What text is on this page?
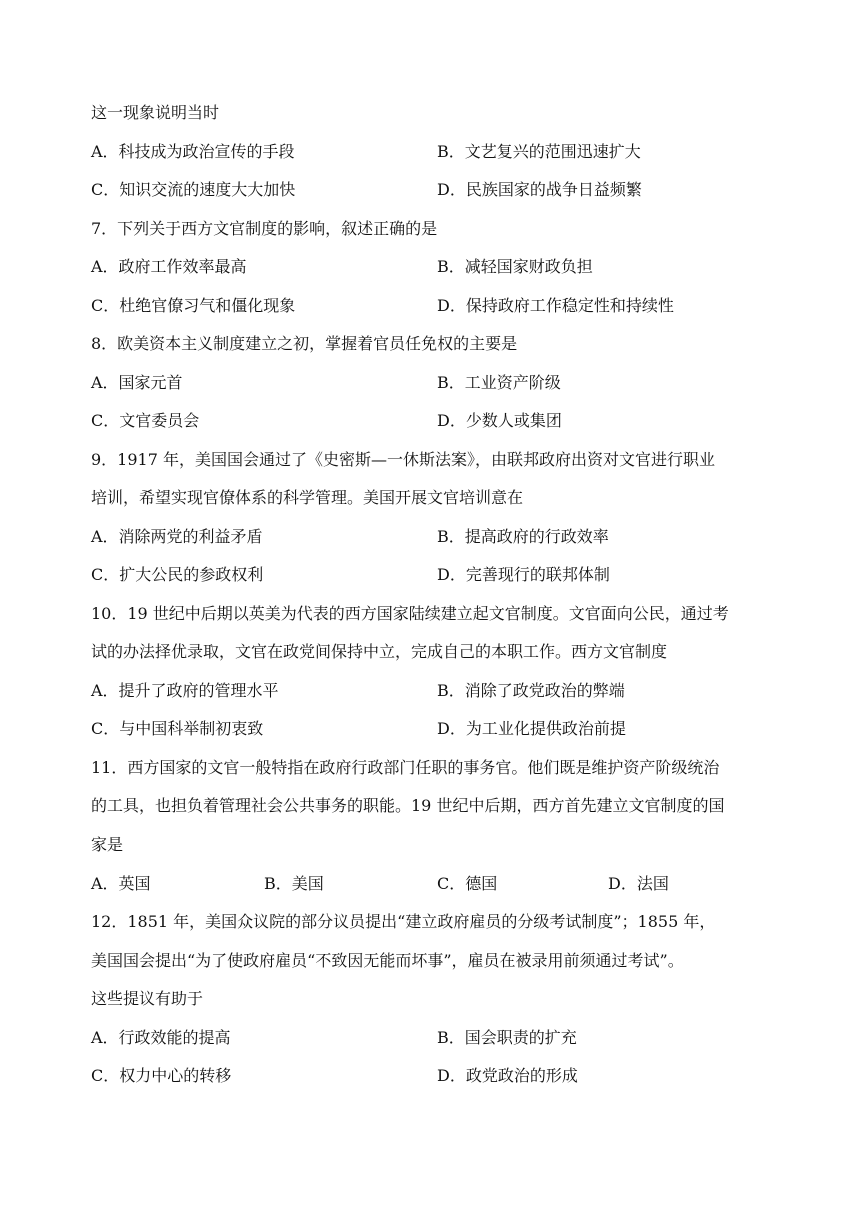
这一现象说明当时
A．科技成为政治宣传的手段	B．文艺复兴的范围迅速扩大
C．知识交流的速度大大加快	D．民族国家的战争日益频繁
7．下列关于西方文官制度的影响，叙述正确的是
A．政府工作效率最高	B．减轻国家财政负担
C．杜绝官僚习气和僵化现象	D．保持政府工作稳定性和持续性
8．欧美资本主义制度建立之初，掌握着官员任免权的主要是
A．国家元首	B．工业资产阶级
C．文官委员会	D．少数人或集团
9．1917 年，美国国会通过了《史密斯—一休斯法案》，由联邦政府出资对文官进行职业
培训，希望实现官僚体系的科学管理。美国开展文官培训意在
A．消除两党的利益矛盾	B．提高政府的行政效率
C．扩大公民的参政权利	D．完善现行的联邦体制
10．19 世纪中后期以英美为代表的西方国家陆续建立起文官制度。文官面向公民，通过考
试的办法择优录取，文官在政党间保持中立，完成自己的本职工作。西方文官制度
A．提升了政府的管理水平	B．消除了政党政治的弊端
C．与中国科举制初衷致	D．为工业化提供政治前提
11．西方国家的文官一般特指在政府行政部门任职的事务官。他们既是维护资产阶级统治
的工具，也担负着管理社会公共事务的职能。19 世纪中后期，西方首先建立文官制度的国
家是
A．英国	B．美国	C．德国	D．法国
12．1851 年，美国众议院的部分议员提出“建立政府雇员的分级考试制度”；1855 年，
美国国会提出“为了使政府雇员“不致因无能而坏事”，雇员在被录用前须通过考试”。
这些提议有助于
A．行政效能的提高	B．国会职责的扩充
C．权力中心的转移	D．政党政治的形成
